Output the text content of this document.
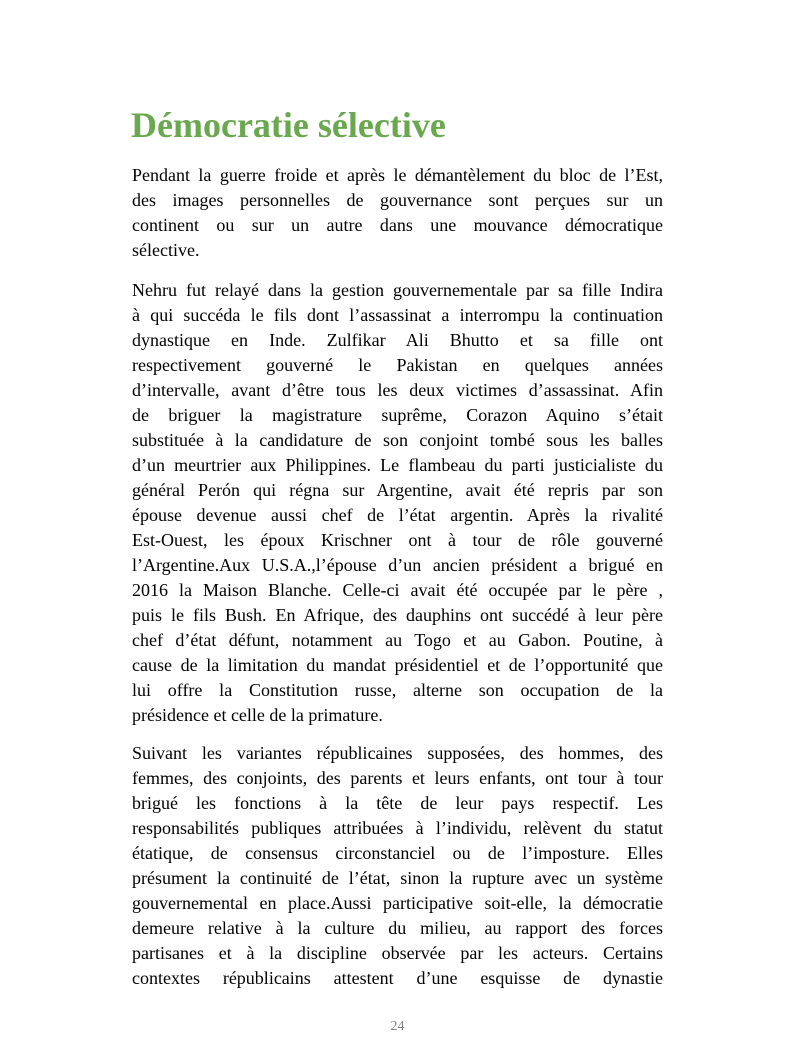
Démocratie sélective
Pendant la guerre froide et après le démantèlement du bloc de l’Est,
des images personnelles de gouvernance sont perçues sur un
continent ou sur un autre dans une mouvance démocratique
sélective.
Nehru fut relayé dans la gestion gouvernementale par sa fille Indira
à qui succéda le fils dont l’assassinat a interrompu la continuation
dynastique en Inde. Zulfikar Ali Bhutto et sa fille ont
respectivement gouverné le Pakistan en quelques années
d’intervalle, avant d’être tous les deux victimes d’assassinat. Afin
de briguer la magistrature suprême, Corazon Aquino s’était
substituée à la candidature de son conjoint tombé sous les balles
d’un meurtrier aux Philippines. Le flambeau du parti justicialiste du
général Perón qui régna sur Argentine, avait été repris par son
épouse devenue aussi chef de l’état argentin. Après la rivalité
Est-Ouest, les époux Krischner ont à tour de rôle gouverné
l’Argentine.Aux U.S.A.,l’épouse d’un ancien président a brigué en
2016 la Maison Blanche. Celle-ci avait été occupée par le père ,
puis le fils Bush. En Afrique, des dauphins ont succédé à leur père
chef d’état défunt, notamment au Togo et au Gabon. Poutine, à
cause de la limitation du mandat présidentiel et de l’opportunité que
lui offre la Constitution russe, alterne son occupation de la
présidence et celle de la primature.
Suivant les variantes républicaines supposées, des hommes, des
femmes, des conjoints, des parents et leurs enfants, ont tour à tour
brigué les fonctions à la tête de leur pays respectif. Les
responsabilités publiques attribuées à l’individu, relèvent du statut
étatique, de consensus circonstanciel ou de l’imposture. Elles
présument la continuité de l’état, sinon la rupture avec un système
gouvernemental en place.Aussi participative soit-elle, la démocratie
demeure relative à la culture du milieu, au rapport des forces
partisanes et à la discipline observée par les acteurs. Certains
contextes républicains attestent d’une esquisse de dynastie
24
